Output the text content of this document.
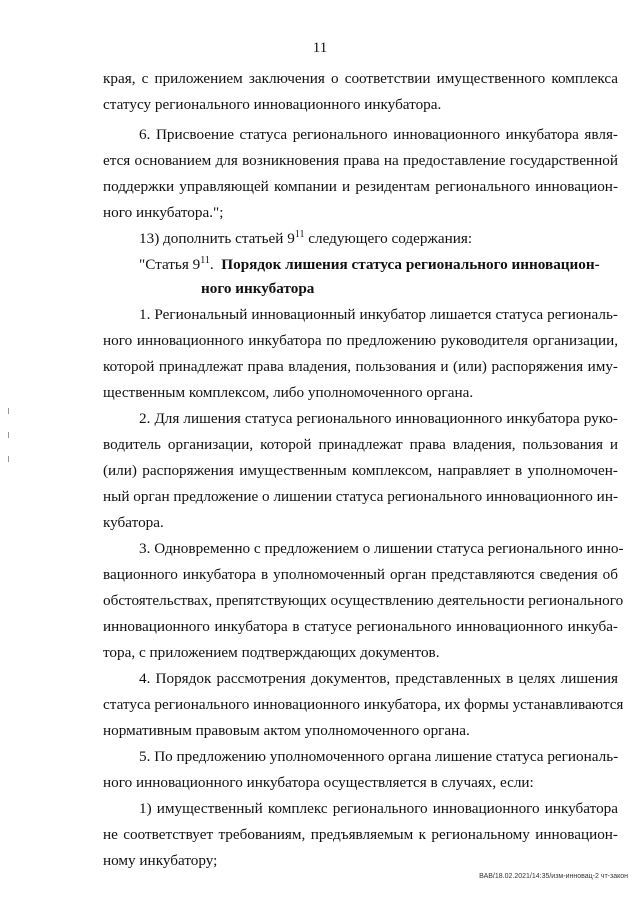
11
края, с приложением заключения о соответствии имущественного комплекса
статусу регионального инновационного инкубатора.
6. Присвоение статуса регионального инновационного инкубатора явля-
ется основанием для возникновения права на предоставление государственной
поддержки управляющей компании и резидентам регионального инновацион-
ного инкубатора.";
13) дополнить статьей $9^{11}$ следующего содержания:
"Статья $9^{11}$.  Порядок лишения статуса регионального инновацион-
ного инкубатора
1. Региональный инновационный инкубатор лишается статуса региональ-
ного инновационного инкубатора по предложению руководителя организации,
которой принадлежат права владения, пользования и (или) распоряжения иму-
щественным комплексом, либо уполномоченного органа.
2. Для лишения статуса регионального инновационного инкубатора руко-
водитель организации, которой принадлежат права владения, пользования и
(или) распоряжения имущественным комплексом, направляет в уполномочен-
ный орган предложение о лишении статуса регионального инновационного ин-
кубатора.
3. Одновременно с предложением о лишении статуса регионального инно-
вационного инкубатора в уполномоченный орган представляются сведения об
обстоятельствах, препятствующих осуществлению деятельности регионального
инновационного инкубатора в статусе регионального инновационного инкуба-
тора, с приложением подтверждающих документов.
4. Порядок рассмотрения документов, представленных в целях лишения
статуса регионального инновационного инкубатора, их формы устанавливаются
нормативным правовым актом уполномоченного органа.
5. По предложению уполномоченного органа лишение статуса региональ-
ного инновационного инкубатора осуществляется в случаях, если:
1) имущественный комплекс регионального инновационного инкубатора
не соответствует требованиям, предъявляемым к региональному инновацион-
ному инкубатору;
ВАВ/18.02.2021/14:35/изм-инновац-2 чт-закон
